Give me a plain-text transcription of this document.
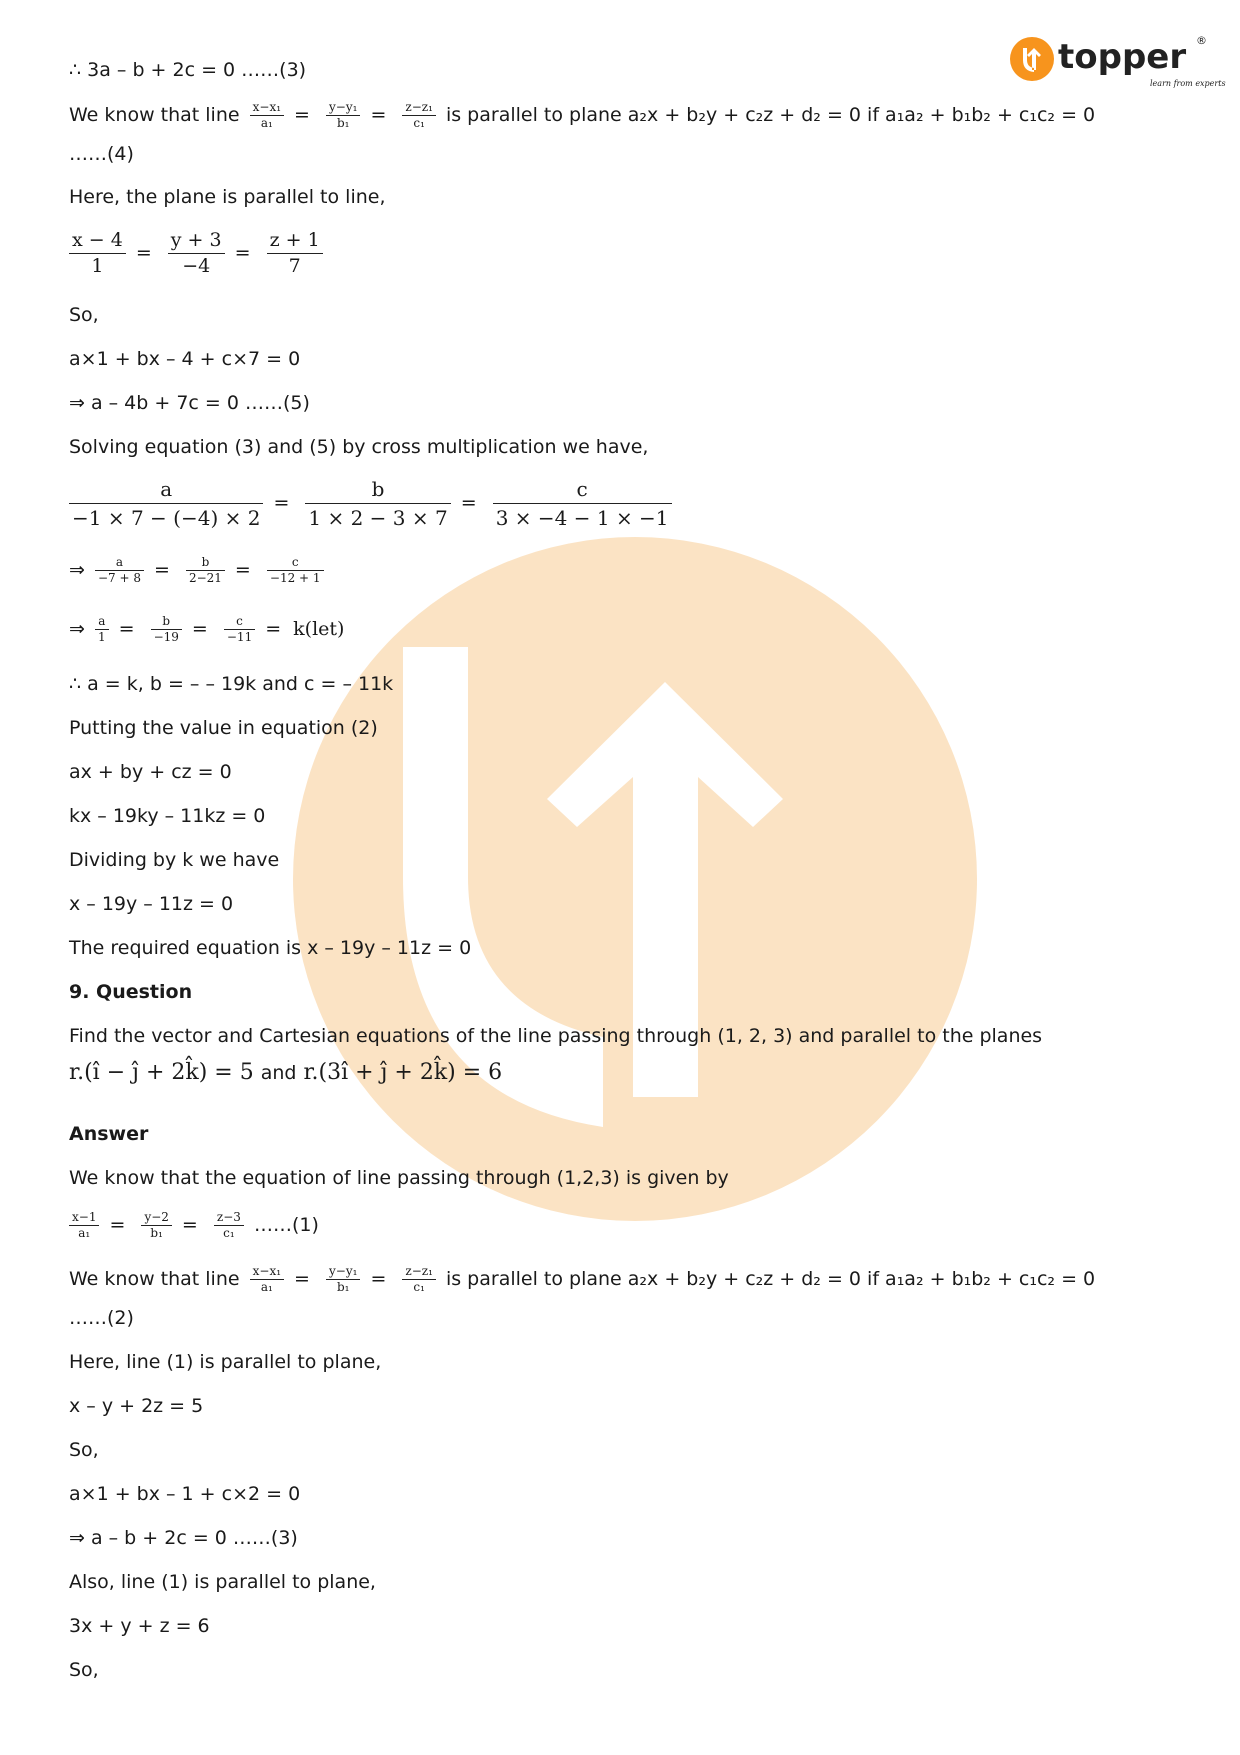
topper ®
learn from experts
∴ 3a – b + 2c = 0 ……(3)
We know that line $\frac{\text{x−x₁}}{\text{a₁}} = \frac{\text{y−y₁}}{\text{b₁}} = \frac{\text{z−z₁}}{\text{c₁}}$ is parallel to plane a₂x + b₂y + c₂z + d₂ = 0 if a₁a₂ + b₁b₂ + c₁c₂ = 0
……(4)
Here, the plane is parallel to line,
$\frac{x - 4}{1} = \frac{y + 3}{-4} = \frac{z + 1}{7}$
So,
a×1 + bx – 4 + c×7 = 0
⇒ a – 4b + 7c = 0 ……(5)
Solving equation (3) and (5) by cross multiplication we have,
$\frac{a}{-1 \times 7 - (-4) \times 2} = \frac{b}{1 \times 2 - 3 \times 7} = \frac{c}{3 \times -4 - 1 \times -1}$
⇒ $\frac{a}{-7 + 8} = \frac{b}{2-21} = \frac{c}{-12 + 1}$
⇒ $\frac{a}{1} = \frac{b}{-19} = \frac{c}{-11} = k(let)$
∴ a = k, b = – – 19k and c = – 11k
Putting the value in equation (2)
ax + by + cz = 0
kx – 19ky – 11kz = 0
Dividing by k we have
x – 19y – 11z = 0
The required equation is x – 19y – 11z = 0
9. Question
Find the vector and Cartesian equations of the line passing through (1, 2, 3) and parallel to the planes
r.(î − ĵ + 2k̂) = 5 and r.(3î + ĵ + 2k̂) = 6
Answer
We know that the equation of line passing through (1,2,3) is given by
$\frac{x-1}{\text{a₁}} = \frac{y-2}{\text{b₁}} = \frac{z-3}{\text{c₁}}$ ……(1)
We know that line $\frac{\text{x−x₁}}{\text{a₁}} = \frac{\text{y−y₁}}{\text{b₁}} = \frac{\text{z−z₁}}{\text{c₁}}$ is parallel to plane a₂x + b₂y + c₂z + d₂ = 0 if a₁a₂ + b₁b₂ + c₁c₂ = 0
……(2)
Here, line (1) is parallel to plane,
x – y + 2z = 5
So,
a×1 + bx – 1 + c×2 = 0
⇒ a – b + 2c = 0 ……(3)
Also, line (1) is parallel to plane,
3x + y + z = 6
So,
